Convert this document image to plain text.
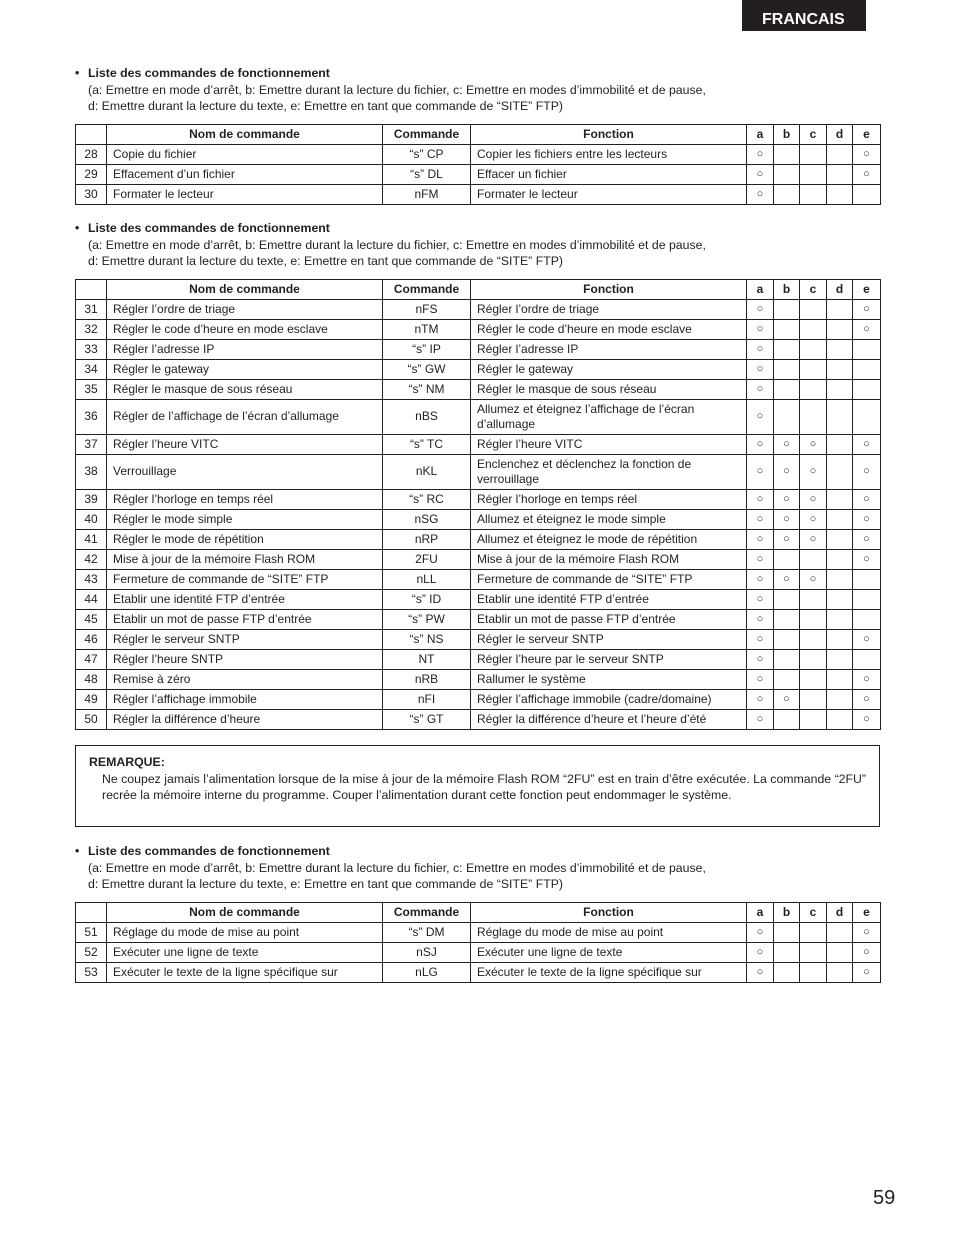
FRANCAIS
• Liste des commandes de fonctionnement
(a: Emettre en mode d’arrêt, b: Emettre durant la lecture du fichier, c: Emettre en modes d’immobilité et de pause,
d: Emettre durant la lecture du texte, e: Emettre en tant que commande de “SITE” FTP)
	Nom de commande	Commande	Fonction	a	b	c	d	e
28	Copie du fichier	“s” CP	Copier les fichiers entre les lecteurs	○				○
29	Effacement d’un fichier	“s” DL	Effacer un fichier	○				○
30	Formater le lecteur	nFM	Formater le lecteur	○				
• Liste des commandes de fonctionnement
(a: Emettre en mode d’arrêt, b: Emettre durant la lecture du fichier, c: Emettre en modes d’immobilité et de pause,
d: Emettre durant la lecture du texte, e: Emettre en tant que commande de “SITE” FTP)
	Nom de commande	Commande	Fonction	a	b	c	d	e
31	Régler l’ordre de triage	nFS	Régler l’ordre de triage	○				○
32	Régler le code d’heure en mode esclave	nTM	Régler le code d’heure en mode esclave	○				○
33	Régler l’adresse IP	“s” IP	Régler l’adresse IP	○				
34	Régler le gateway	“s” GW	Régler le gateway	○				
35	Régler le masque de sous réseau	“s” NM	Régler le masque de sous réseau	○				
36	Régler de l’affichage de l’écran d’allumage	nBS	Allumez et éteignez l’affichage de l’écran d’allumage	○				
37	Régler l’heure VITC	“s” TC	Régler l’heure VITC	○	○	○		○
38	Verrouillage	nKL	Enclenchez et déclenchez la fonction de verrouillage	○	○	○		○
39	Régler l’horloge en temps réel	“s” RC	Régler l’horloge en temps réel	○	○	○		○
40	Régler le mode simple	nSG	Allumez et éteignez le mode simple	○	○	○		○
41	Régler le mode de répétition	nRP	Allumez et éteignez le mode de répétition	○	○	○		○
42	Mise à jour de la mémoire Flash ROM	2FU	Mise à jour de la mémoire Flash ROM	○				○
43	Fermeture de commande de “SITE” FTP	nLL	Fermeture de commande de “SITE” FTP	○	○	○		
44	Etablir une identité FTP d’entrée	“s” ID	Etablir une identité FTP d’entrée	○				
45	Etablir un mot de passe FTP d’entrée	“s” PW	Etablir un mot de passe FTP d’entrée	○				
46	Régler le serveur SNTP	“s” NS	Régler le serveur SNTP	○				○
47	Régler l’heure SNTP	NT	Régler l’heure par le serveur SNTP	○				
48	Remise à zéro	nRB	Rallumer le système	○				○
49	Régler l’affichage immobile	nFI	Régler l’affichage immobile (cadre/domaine)	○	○			○
50	Régler la différence d’heure	“s” GT	Régler la différence d’heure et l’heure d’été	○				○
REMARQUE:
Ne coupez jamais l’alimentation lorsque de la mise à jour de la mémoire Flash ROM “2FU” est en train d’être exécutée. La commande “2FU” recrée la mémoire interne du programme. Couper l’alimentation durant cette fonction peut endommager le système.
• Liste des commandes de fonctionnement
(a: Emettre en mode d’arrêt, b: Emettre durant la lecture du fichier, c: Emettre en modes d’immobilité et de pause,
d: Emettre durant la lecture du texte, e: Emettre en tant que commande de “SITE” FTP)
	Nom de commande	Commande	Fonction	a	b	c	d	e
51	Réglage du mode de mise au point	“s” DM	Réglage du mode de mise au point	○				○
52	Exécuter une ligne de texte	nSJ	Exécuter une ligne de texte	○				○
53	Exécuter le texte de la ligne spécifique sur	nLG	Exécuter le texte de la ligne spécifique sur	○				○
59
